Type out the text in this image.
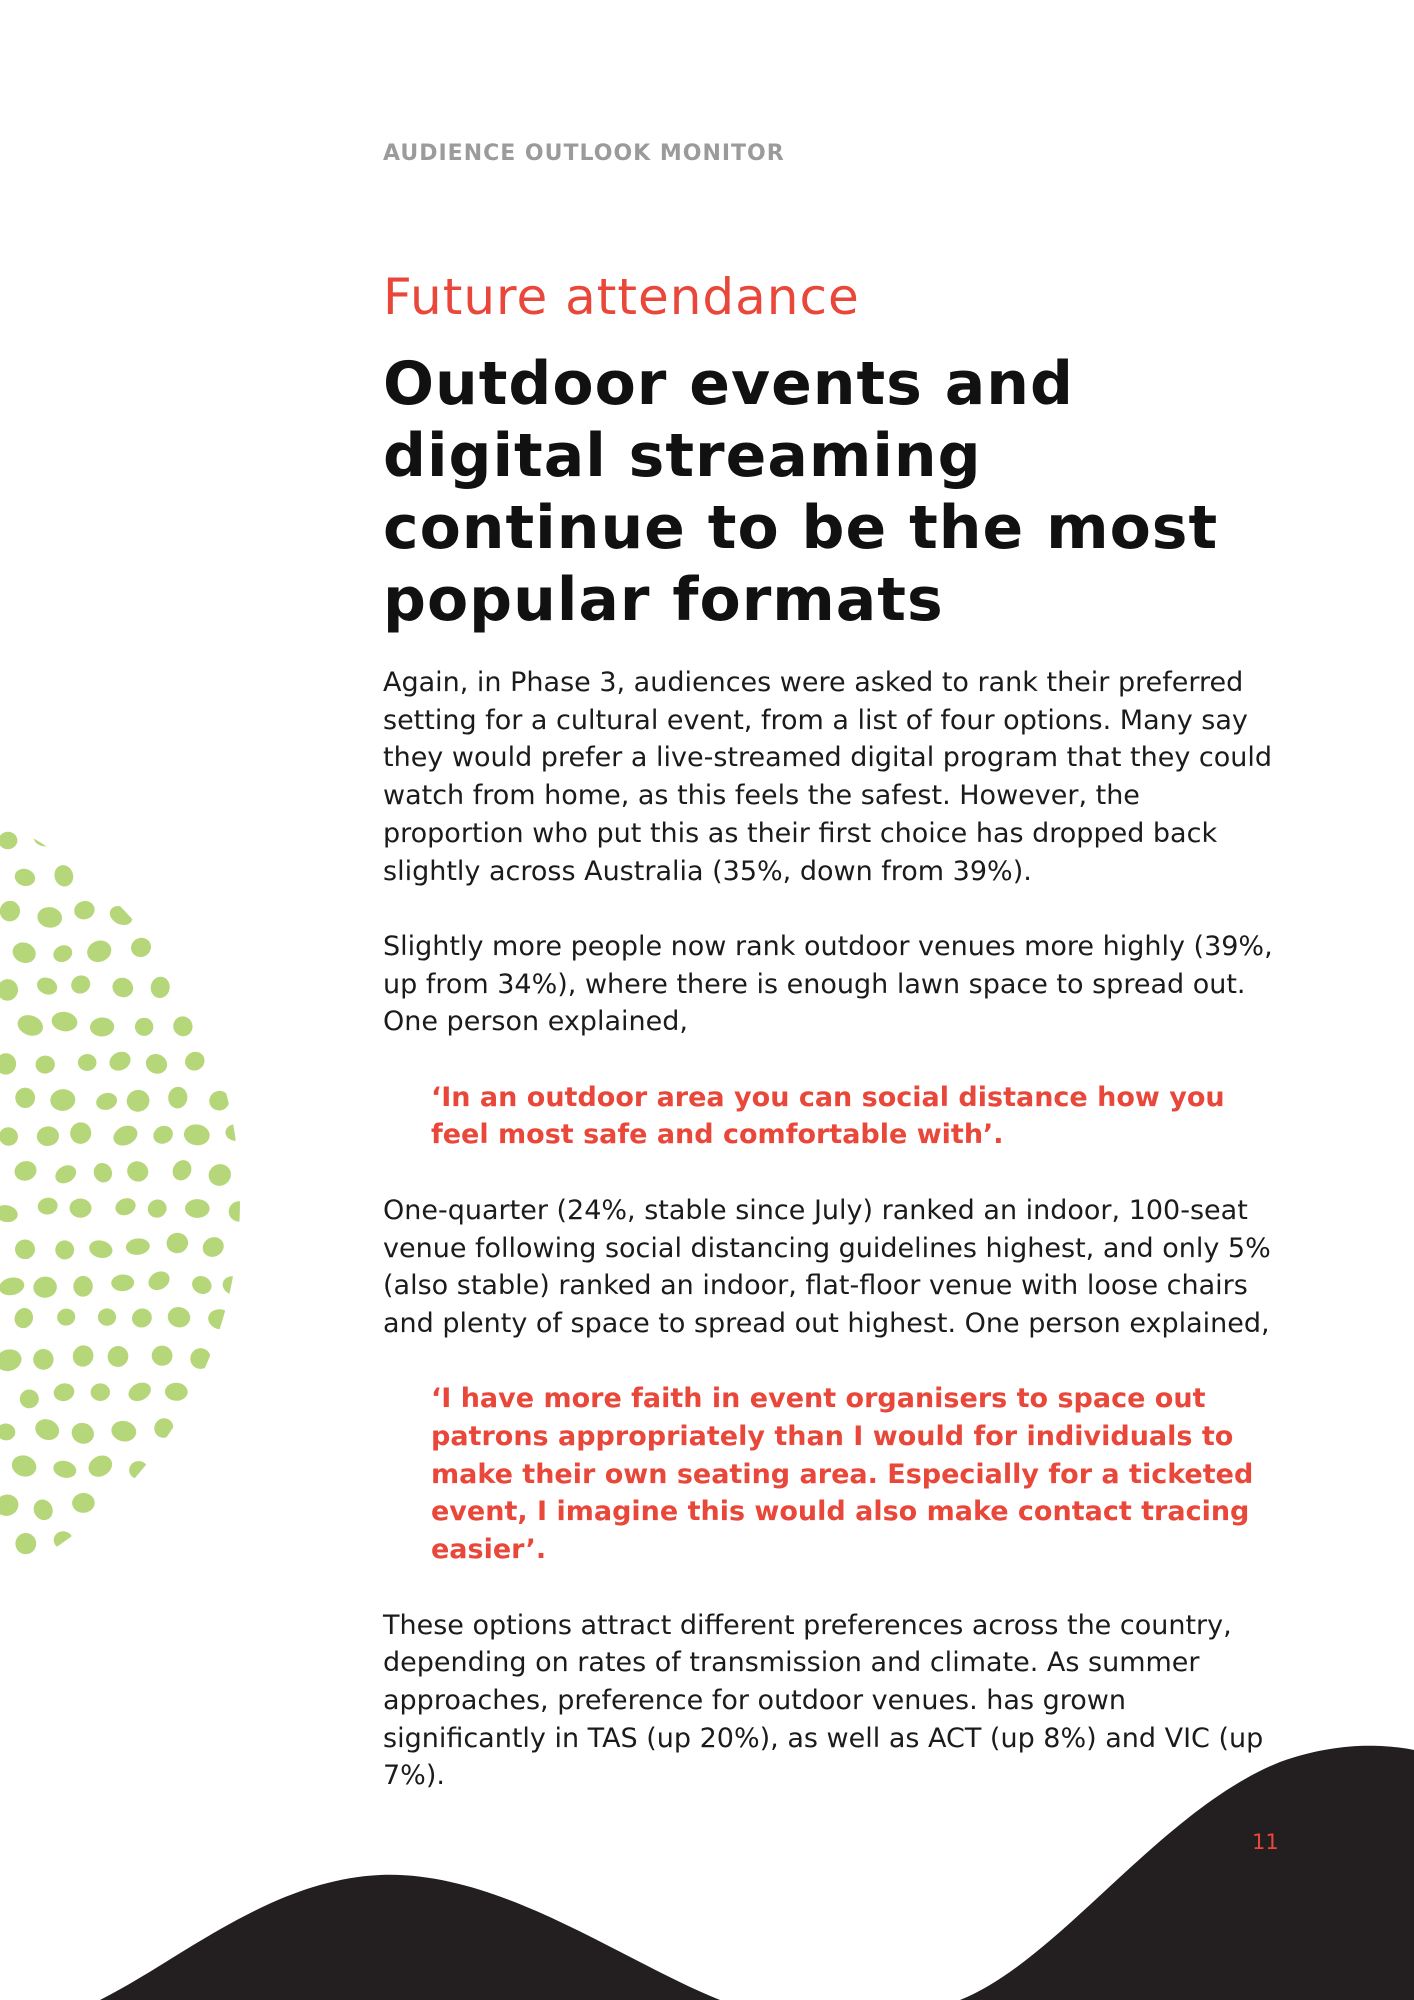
AUDIENCE OUTLOOK MONITOR
Future attendance
Outdoor events and digital streaming continue to be the most popular formats

Again, in Phase 3, audiences were asked to rank their preferred setting for a cultural event, from a list of four options. Many say they would prefer a live-streamed digital program that they could watch from home, as this feels the safest. However, the proportion who put this as their first choice has dropped back slightly across Australia (35%, down from 39%).

Slightly more people now rank outdoor venues more highly (39%, up from 34%), where there is enough lawn space to spread out. One person explained,

‘In an outdoor area you can social distance how you feel most safe and comfortable with’.

One-quarter (24%, stable since July) ranked an indoor, 100-seat venue following social distancing guidelines highest, and only 5% (also stable) ranked an indoor, flat-floor venue with loose chairs and plenty of space to spread out highest. One person explained,

‘I have more faith in event organisers to space out patrons appropriately than I would for individuals to make their own seating area. Especially for a ticketed event, I imagine this would also make contact tracing easier’.

These options attract different preferences across the country, depending on rates of transmission and climate. As summer approaches, preference for outdoor venues. has grown significantly in TAS (up 20%), as well as ACT (up 8%) and VIC (up 7%).

11
